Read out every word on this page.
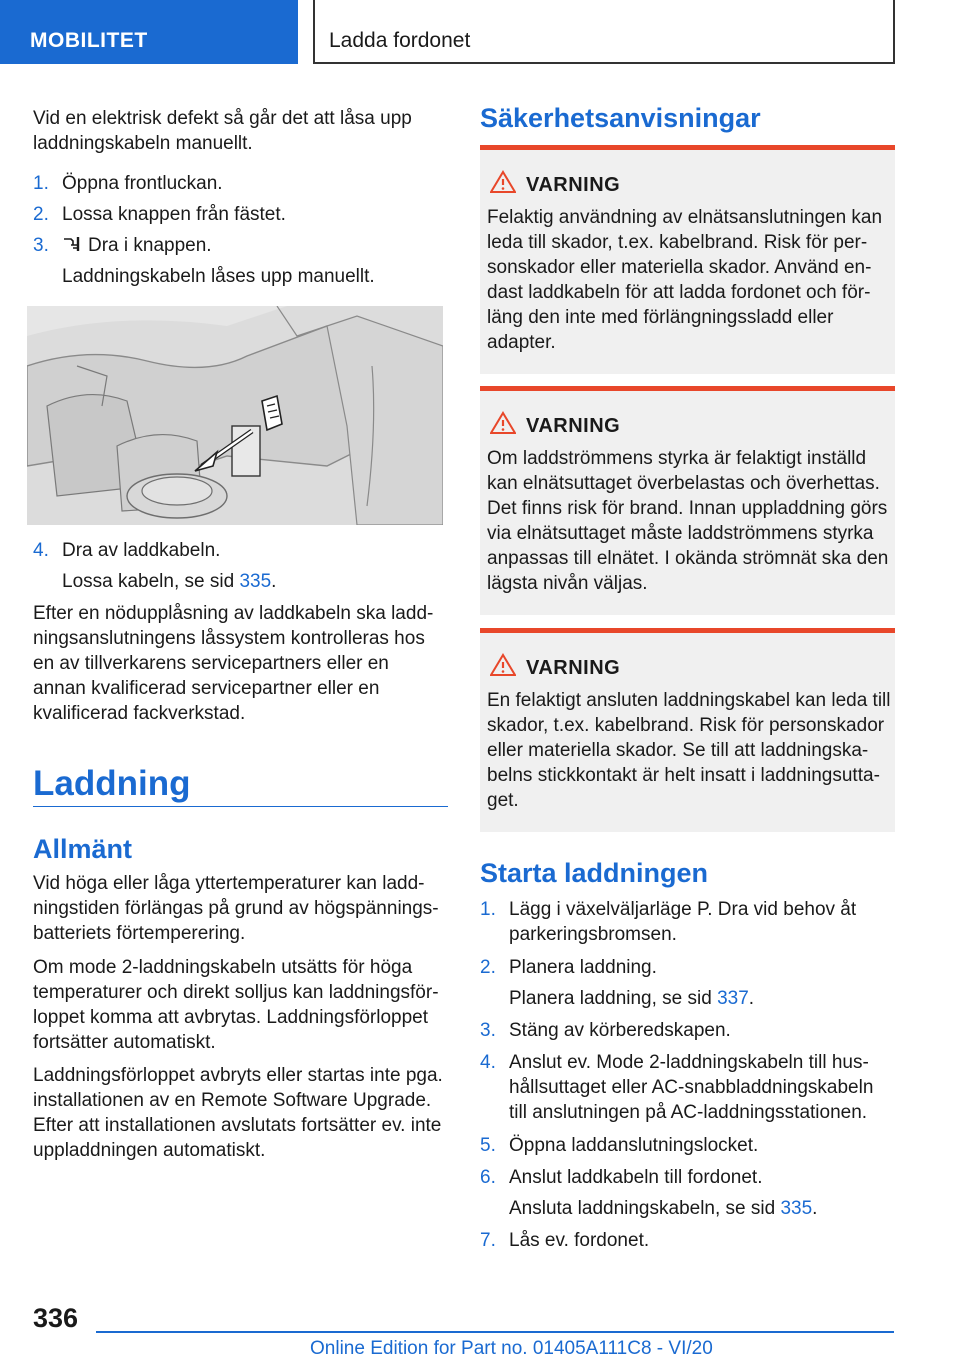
MOBILITET	Ladda fordonet
Vid en elektrisk defekt så går det att låsa upp laddningskabeln manuellt.
1. Öppna frontluckan.
2. Lossa knappen från fästet.
3.	Dra i knappen.
Laddningskabeln låses upp manuellt.
4. Dra av laddkabeln.
Lossa kabeln, se sid 335.
Efter en nödupplåsning av laddkabeln ska laddningsanslutningens låssystem kontrolleras hos en av tillverkarens servicepartners eller en annan kvalificerad servicepartner eller en kvalificerad fackverkstad.
Laddning
Allmänt
Vid höga eller låga yttertemperaturer kan laddningstiden förlängas på grund av högspänningsbatteriets förtemperering.
Om mode 2-laddningskabeln utsätts för höga temperaturer och direkt solljus kan laddningsförloppet komma att avbrytas. Laddningsförloppet fortsätter automatiskt.
Laddningsförloppet avbryts eller startas inte pga. installationen av en Remote Software Upgrade. Efter att installationen avslutats fortsätter ev. inte uppladdningen automatiskt.
Säkerhetsanvisningar
VARNING
Felaktig användning av elnätsanslutningen kan leda till skador, t.ex. kabelbrand. Risk för personskador eller materiella skador. Använd endast laddkabeln för att ladda fordonet och förläng den inte med förlängningssladd eller adapter.
VARNING
Om laddströmmens styrka är felaktigt inställd kan elnätsuttaget överbelastas och överhettas. Det finns risk för brand. Innan uppladdning görs via elnätsuttaget måste laddströmmens styrka anpassas till elnätet. I okända strömnät ska den lägsta nivån väljas.
VARNING
En felaktigt ansluten laddningskabel kan leda till skador, t.ex. kabelbrand. Risk för personskador eller materiella skador. Se till att laddningskabelns stickkontakt är helt insatt i laddningsuttaget.
Starta laddningen
1. Lägg i växelväljarläge P. Dra vid behov åt parkeringsbromsen.
2. Planera laddning.
Planera laddning, se sid 337.
3. Stäng av körberedskapen.
4. Anslut ev. Mode 2-laddningskabeln till hushållsuttaget eller AC-snabbladdningskabeln till anslutningen på AC-laddningsstationen.
5. Öppna laddanslutningslocket.
6. Anslut laddkabeln till fordonet.
Ansluta laddningskabeln, se sid 335.
7. Lås ev. fordonet.
336
Online Edition for Part no. 01405A111C8 - VI/20
